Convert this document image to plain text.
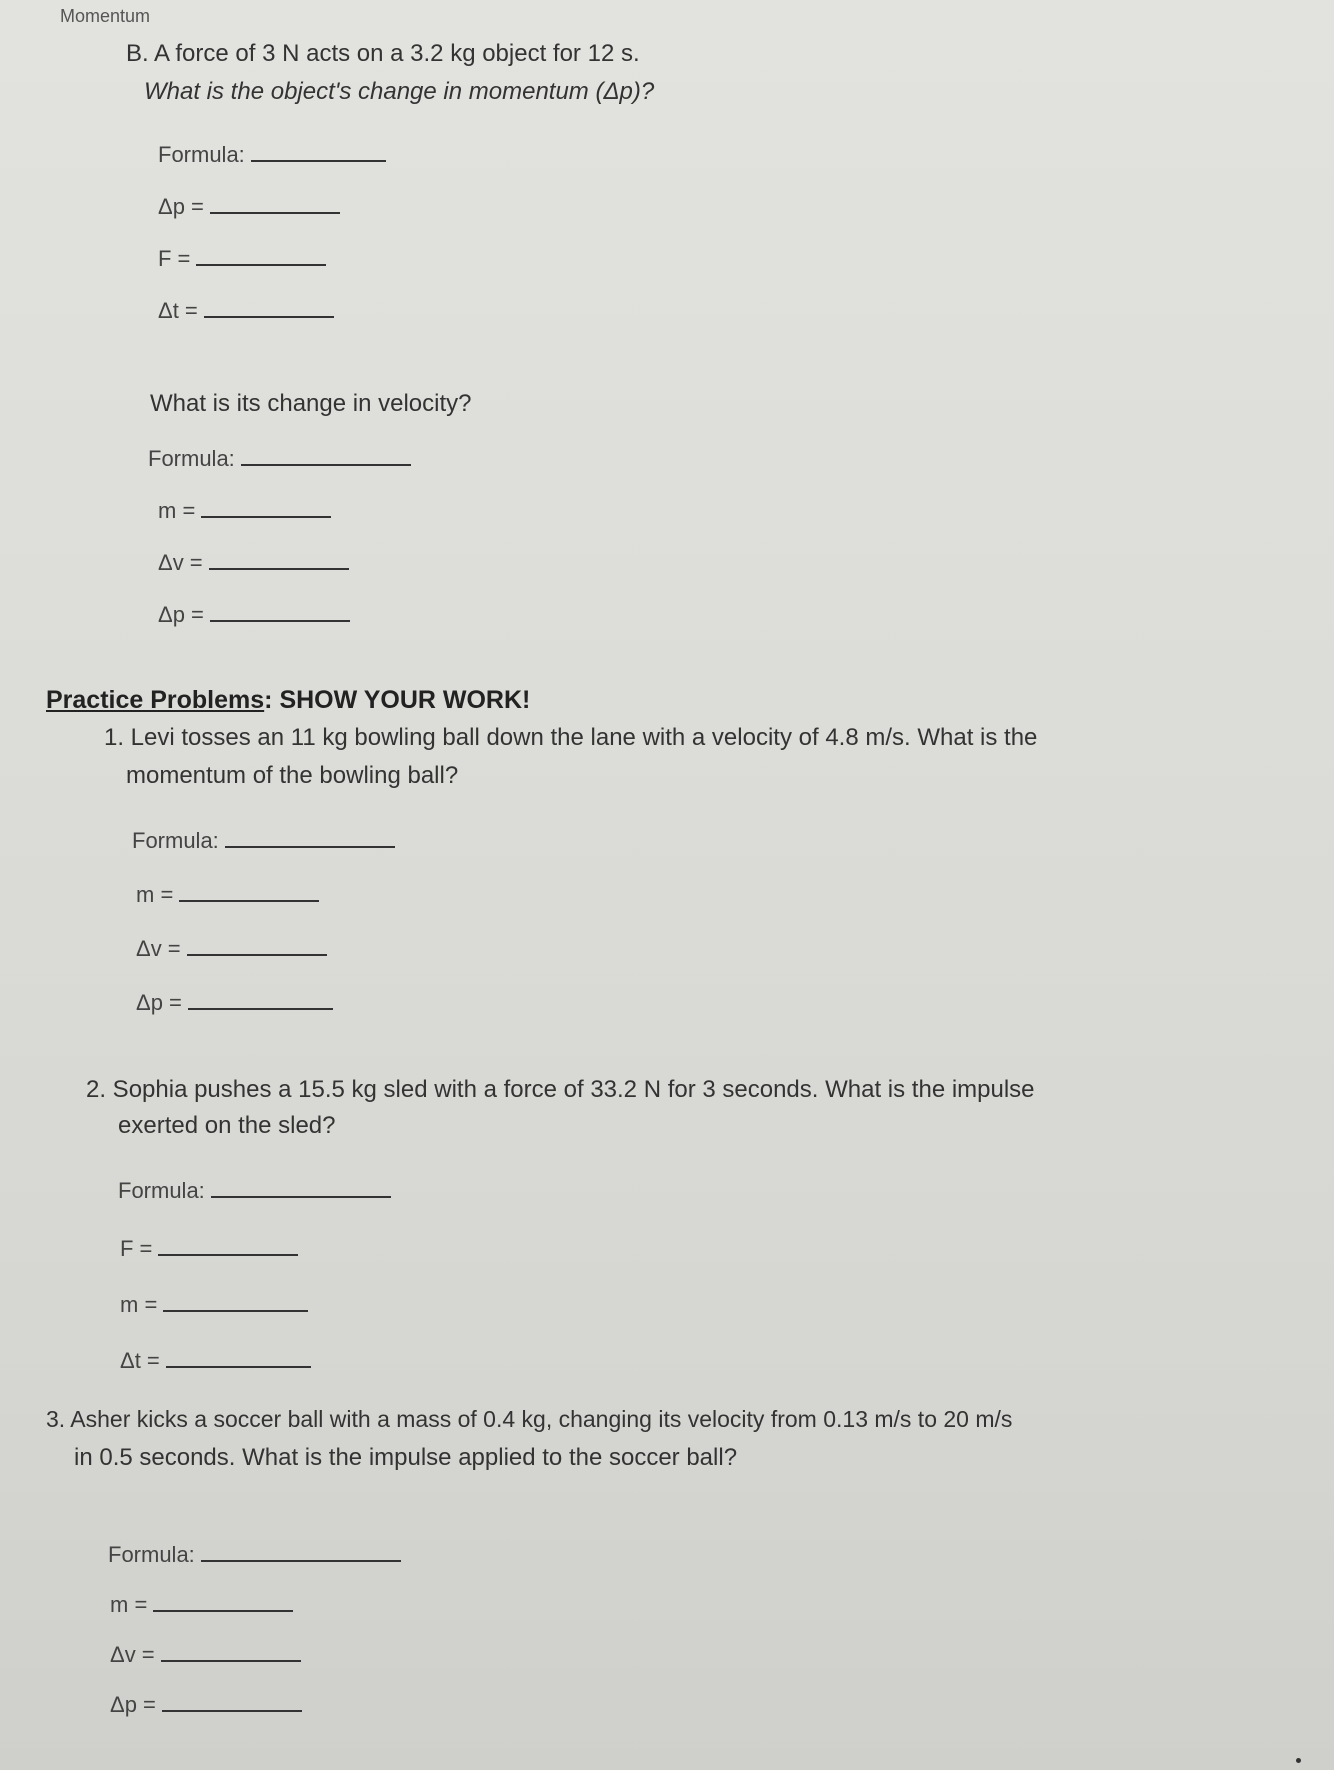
Momentum
B. A force of 3 N acts on a 3.2 kg object for 12 s.
What is the object's change in momentum (Δp)?
Formula:
Δp =
F =
Δt =
What is its change in velocity?
Formula:
m =
Δv =
Δp =
Practice Problems: SHOW YOUR WORK!
1. Levi tosses an 11 kg bowling ball down the lane with a velocity of 4.8 m/s. What is the
momentum of the bowling ball?
Formula:
m =
Δv =
Δp =
2. Sophia pushes a 15.5 kg sled with a force of 33.2 N for 3 seconds. What is the impulse
exerted on the sled?
Formula:
F =
m =
Δt =
3. Asher kicks a soccer ball with a mass of 0.4 kg, changing its velocity from 0.13 m/s to 20 m/s
in 0.5 seconds. What is the impulse applied to the soccer ball?
Formula:
m =
Δv =
Δp =
